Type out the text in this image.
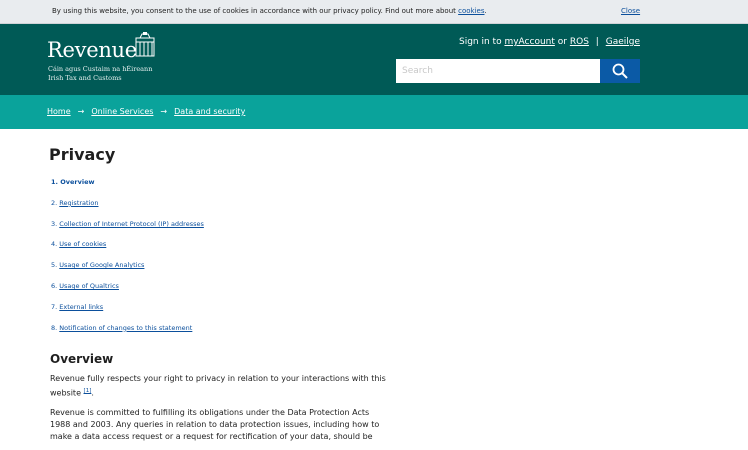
By using this website, you consent to the use of cookies in accordance with our privacy policy. Find out more about cookies.	Close
Revenue
Cáin agus Custaim na hÉireann
Irish Tax and Customs
Sign in to myAccount or ROS | Gaeilge
Search
Home → Online Services → Data and security
Privacy
1. Overview
2. Registration
3. Collection of Internet Protocol (IP) addresses
4. Use of cookies
5. Usage of Google Analytics
6. Usage of Qualtrics
7. External links
8. Notification of changes to this statement
Overview

Revenue fully respects your right to privacy in relation to your interactions with this website [1].

Revenue is committed to fulfilling its obligations under the Data Protection Acts 1988 and 2003. Any queries in relation to data protection issues, including how to make a data access request or a request for rectification of your data, should be
